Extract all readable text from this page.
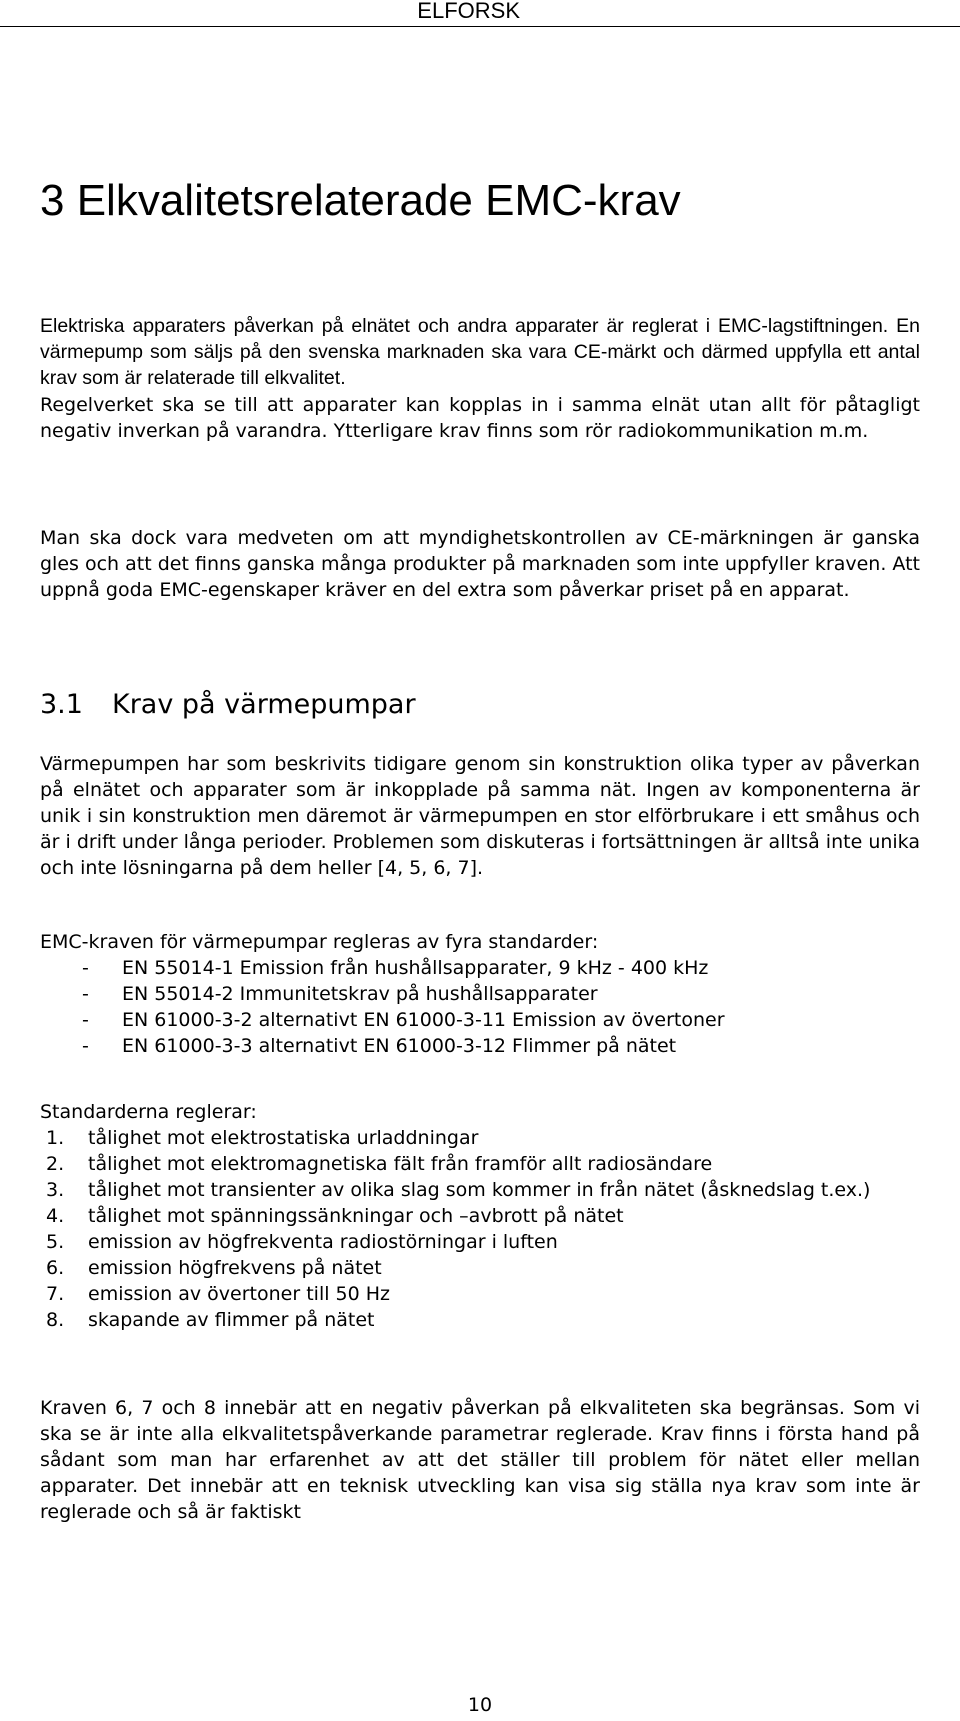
ELFORSK
3 Elkvalitetsrelaterade EMC-krav

Elektriska apparaters påverkan på elnätet och andra apparater är reglerat i EMC-lagstiftningen. En värmepump som säljs på den svenska marknaden ska vara CE-märkt och därmed uppfylla ett antal krav som är relaterade till elkvalitet.

Regelverket ska se till att apparater kan kopplas in i samma elnät utan allt för påtagligt negativ inverkan på varandra. Ytterligare krav finns som rör radiokommunikation m.m.

Man ska dock vara medveten om att myndighetskontrollen av CE-märkningen är ganska gles och att det finns ganska många produkter på marknaden som inte uppfyller kraven. Att uppnå goda EMC-egenskaper kräver en del extra som påverkar priset på en apparat.

3.1 Krav på värmepumpar

Värmepumpen har som beskrivits tidigare genom sin konstruktion olika typer av påverkan på elnätet och apparater som är inkopplade på samma nät. Ingen av komponenterna är unik i sin konstruktion men däremot är värmepumpen en stor elförbrukare i ett småhus och är i drift under långa perioder. Problemen som diskuteras i fortsättningen är alltså inte unika och inte lösningarna på dem heller [4, 5, 6, 7].

EMC-kraven för värmepumpar regleras av fyra standarder:

- EN 55014-1 Emission från hushållsapparater, 9 kHz - 400 kHz
- EN 55014-2 Immunitetskrav på hushållsapparater
- EN 61000-3-2 alternativt EN 61000-3-11 Emission av övertoner
- EN 61000-3-3 alternativt EN 61000-3-12 Flimmer på nätet

Standarderna reglerar:

1. tålighet mot elektrostatiska urladdningar
2. tålighet mot elektromagnetiska fält från framför allt radiosändare
3. tålighet mot transienter av olika slag som kommer in från nätet (åsknedslag t.ex.)
4. tålighet mot spänningssänkningar och –avbrott på nätet
5. emission av högfrekventa radiostörningar i luften
6. emission högfrekvens på nätet
7. emission av övertoner till 50 Hz
8. skapande av flimmer på nätet

Kraven 6, 7 och 8 innebär att en negativ påverkan på elkvaliteten ska begränsas. Som vi ska se är inte alla elkvalitetspåverkande parametrar reglerade. Krav finns i första hand på sådant som man har erfarenhet av att det ställer till problem för nätet eller mellan apparater. Det innebär att en teknisk utveckling kan visa sig ställa nya krav som inte är reglerade och så är faktiskt

10
